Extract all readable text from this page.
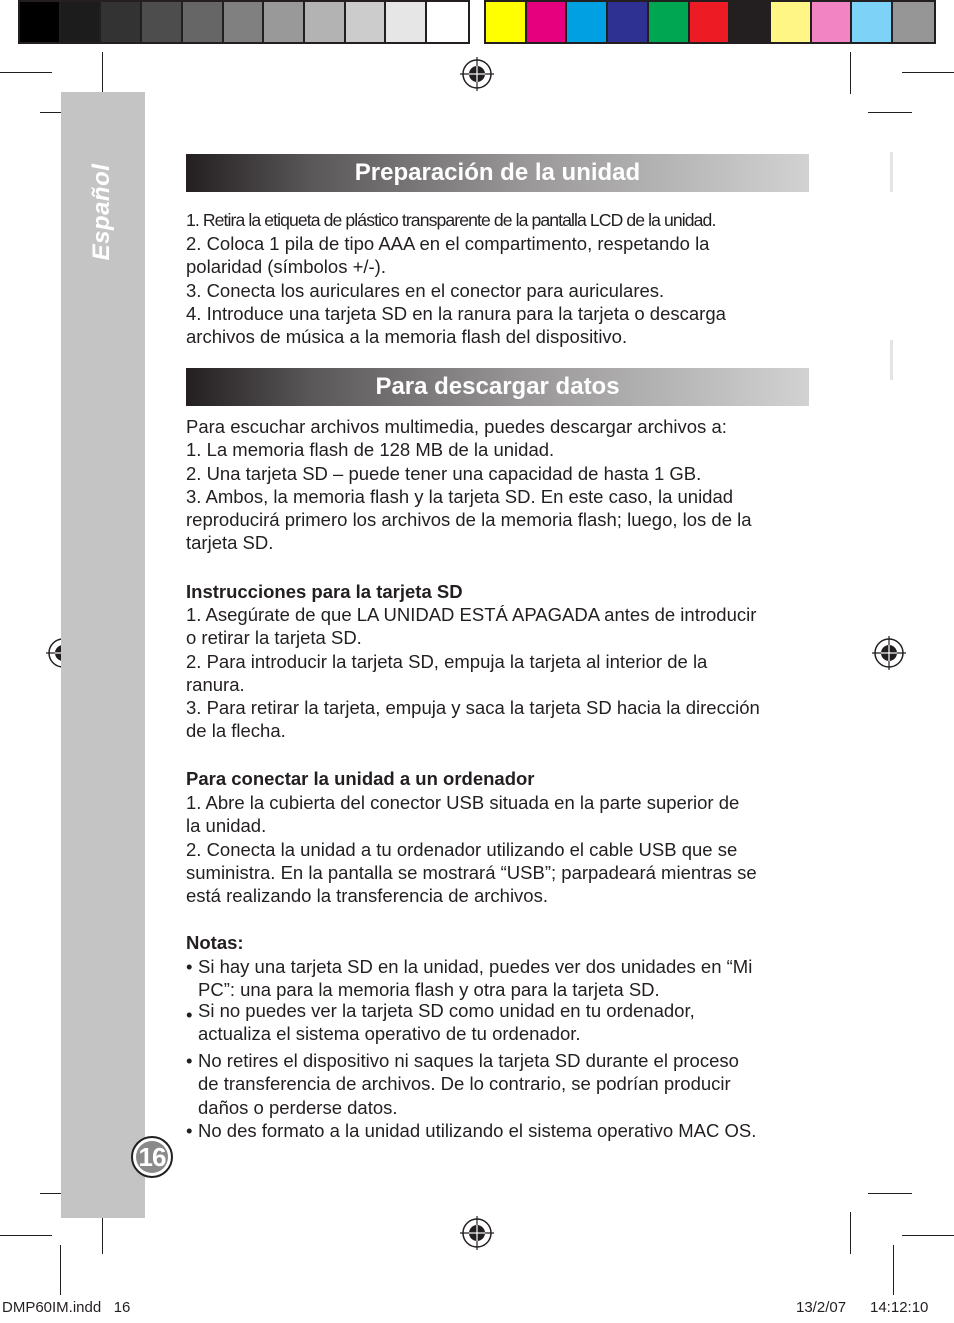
Español
16
Preparación de la unidad
1. Retira la etiqueta de plástico transparente de la pantalla LCD de la unidad.
2. Coloca 1 pila de tipo AAA en el compartimento, respetando la
polaridad (símbolos +/-).
3. Conecta los auriculares en el conector para auriculares.
4. Introduce una tarjeta SD en la ranura para la tarjeta o descarga
archivos de música a la memoria flash del dispositivo.
Para descargar datos
Para escuchar archivos multimedia, puedes descargar archivos a:
1. La memoria flash de 128 MB de la unidad.
2. Una tarjeta SD – puede tener una capacidad de hasta 1 GB.
3. Ambos, la memoria flash y la tarjeta SD. En este caso, la unidad
reproducirá primero los archivos de la memoria flash; luego, los de la
tarjeta SD.
Instrucciones para la tarjeta SD
1. Asegúrate de que LA UNIDAD ESTÁ APAGADA antes de introducir
o retirar la tarjeta SD.
2. Para introducir la tarjeta SD, empuja la tarjeta al interior de la
ranura.
3. Para retirar la tarjeta, empuja y saca la tarjeta SD hacia la dirección
de la flecha.
Para conectar la unidad a un ordenador
1. Abre la cubierta del conector USB situada en la parte superior de
la unidad.
2. Conecta la unidad a tu ordenador utilizando el cable USB que se
suministra. En la pantalla se mostrará “USB”; parpadeará mientras se
está realizando la transferencia de archivos.
Notas:
• Si hay una tarjeta SD en la unidad, puedes ver dos unidades en “Mi
PC”: una para la memoria flash y otra para la tarjeta SD.
• Si no puedes ver la tarjeta SD como unidad en tu ordenador,
actualiza el sistema operativo de tu ordenador.
• No retires el dispositivo ni saques la tarjeta SD durante el proceso
de transferencia de archivos. De lo contrario, se podrían producir
daños o perderse datos.
• No des formato a la unidad utilizando el sistema operativo MAC OS.
DMP60IM.indd   16	13/2/07 14:12:10
